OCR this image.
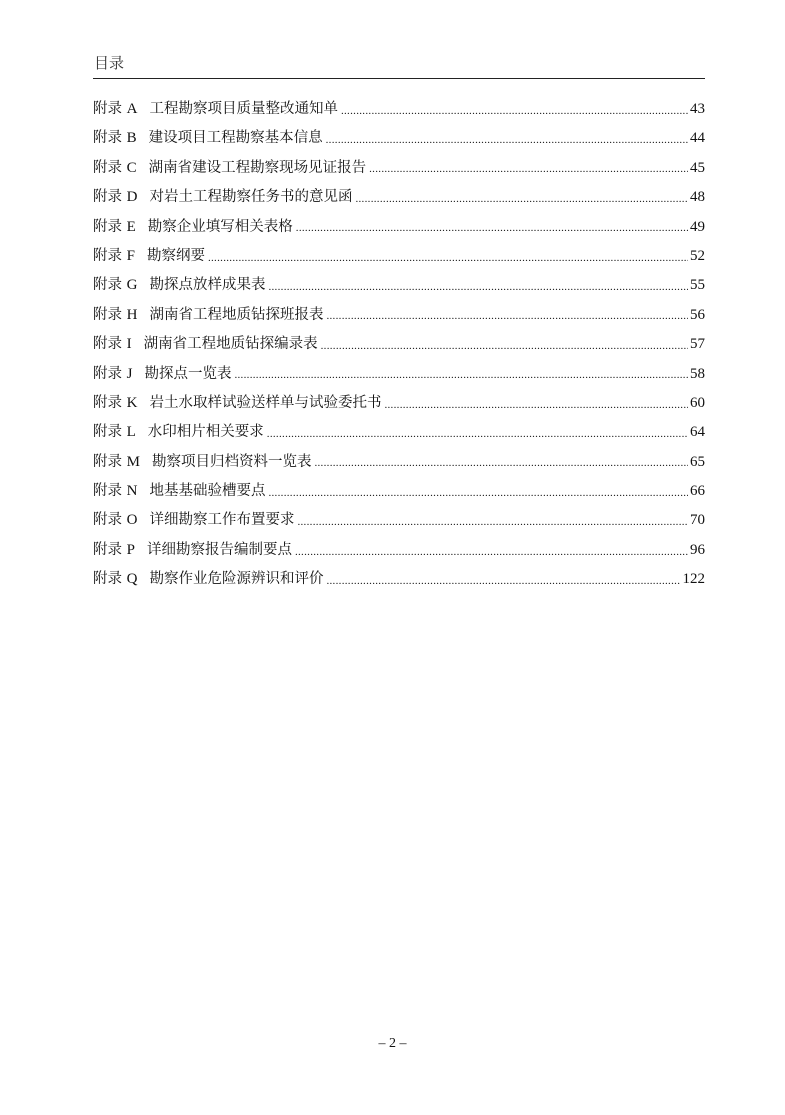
目录
附录 A 工程勘察项目质量整改通知单 .....	43
附录 B 建设项目工程勘察基本信息 .....	44
附录 C 湖南省建设工程勘察现场见证报告 .....	45
附录 D 对岩土工程勘察任务书的意见函 .....	48
附录 E 勘察企业填写相关表格 .....	49
附录 F 勘察纲要 .....	52
附录 G 勘探点放样成果表 .....	55
附录 H 湖南省工程地质钻探班报表 .....	56
附录 I 湖南省工程地质钻探编录表 .....	57
附录 J 勘探点一览表 .....	58
附录 K 岩土水取样试验送样单与试验委托书 .....	60
附录 L 水印相片相关要求 .....	64
附录 M 勘察项目归档资料一览表 .....	65
附录 N 地基基础验槽要点 .....	66
附录 O 详细勘察工作布置要求 .....	70
附录 P 详细勘察报告编制要点 .....	96
附录 Q 勘察作业危险源辨识和评价 .....	122
– 2 –
